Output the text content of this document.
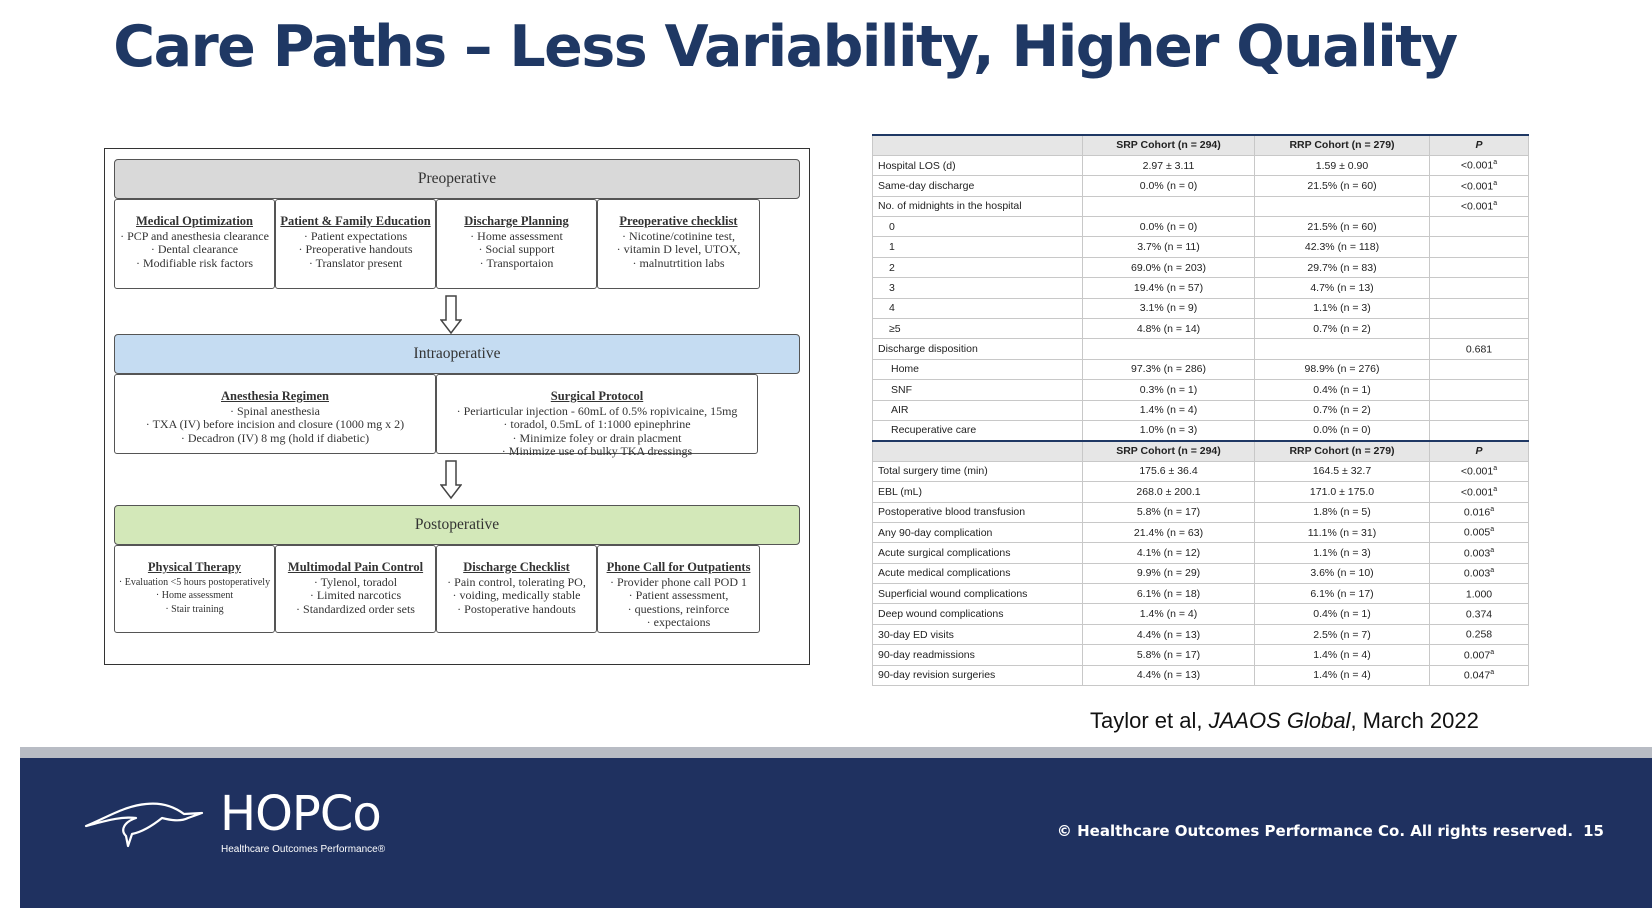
Care Paths – Less Variability, Higher Quality
Preoperative
Medical Optimization
· PCP and anesthesia clearance
· Dental clearance
· Modifiable risk factors
Patient & Family Education
· Patient expectations
· Preoperative handouts
· Translator present
Discharge Planning
· Home assessment
· Social support
· Transportaion
Preoperative checklist
· Nicotine/cotinine test,
· vitamin D level, UTOX,
· malnutrtition labs
Intraoperative
Anesthesia Regimen
· Spinal anesthesia
· TXA (IV) before incision and closure (1000 mg x 2)
· Decadron (IV) 8 mg (hold if diabetic)
Surgical Protocol
· Periarticular injection - 60mL of 0.5% ropivicaine, 15mg
· toradol, 0.5mL of 1:1000 epinephrine
· Minimize foley or drain placment
· Minimize use of bulky TKA dressings
Postoperative
Physical Therapy
· Evaluation <5 hours postoperatively
· Home assessment
· Stair training
Multimodal Pain Control
· Tylenol, toradol
· Limited narcotics
· Standardized order sets
Discharge Checklist
· Pain control, tolerating PO,
· voiding, medically stable
· Postoperative handouts
Phone Call for Outpatients
· Provider phone call POD 1
· Patient assessment,
· questions, reinforce
· expectaions
	SRP Cohort (n = 294)	RRP Cohort (n = 279)	P
Hospital LOS (d)	2.97 ± 3.11	1.59 ± 0.90	<0.001$^a$
Same-day discharge	0.0% (n = 0)	21.5% (n = 60)	<0.001$^a$
No. of midnights in the hospital			<0.001$^a$
0	0.0% (n = 0)	21.5% (n = 60)	
1	3.7% (n = 11)	42.3% (n = 118)	
2	69.0% (n = 203)	29.7% (n = 83)	
3	19.4% (n = 57)	4.7% (n = 13)	
4	3.1% (n = 9)	1.1% (n = 3)	
≥5	4.8% (n = 14)	0.7% (n = 2)	
Discharge disposition			0.681
Home	97.3% (n = 286)	98.9% (n = 276)	
SNF	0.3% (n = 1)	0.4% (n = 1)	
AIR	1.4% (n = 4)	0.7% (n = 2)	
Recuperative care	1.0% (n = 3)	0.0% (n = 0)	
	SRP Cohort (n = 294)	RRP Cohort (n = 279)	P
Total surgery time (min)	175.6 ± 36.4	164.5 ± 32.7	<0.001$^a$
EBL (mL)	268.0 ± 200.1	171.0 ± 175.0	<0.001$^a$
Postoperative blood transfusion	5.8% (n = 17)	1.8% (n = 5)	0.016$^a$
Any 90-day complication	21.4% (n = 63)	11.1% (n = 31)	0.005$^a$
Acute surgical complications	4.1% (n = 12)	1.1% (n = 3)	0.003$^a$
Acute medical complications	9.9% (n = 29)	3.6% (n = 10)	0.003$^a$
Superficial wound complications	6.1% (n = 18)	6.1% (n = 17)	1.000
Deep wound complications	1.4% (n = 4)	0.4% (n = 1)	0.374
30-day ED visits	4.4% (n = 13)	2.5% (n = 7)	0.258
90-day readmissions	5.8% (n = 17)	1.4% (n = 4)	0.007$^a$
90-day revision surgeries	4.4% (n = 13)	1.4% (n = 4)	0.047$^a$
Taylor et al, JAAOS Global, March 2022
HOPCo
Healthcare Outcomes Performance®
© Healthcare Outcomes Performance Co. All rights reserved. 15
